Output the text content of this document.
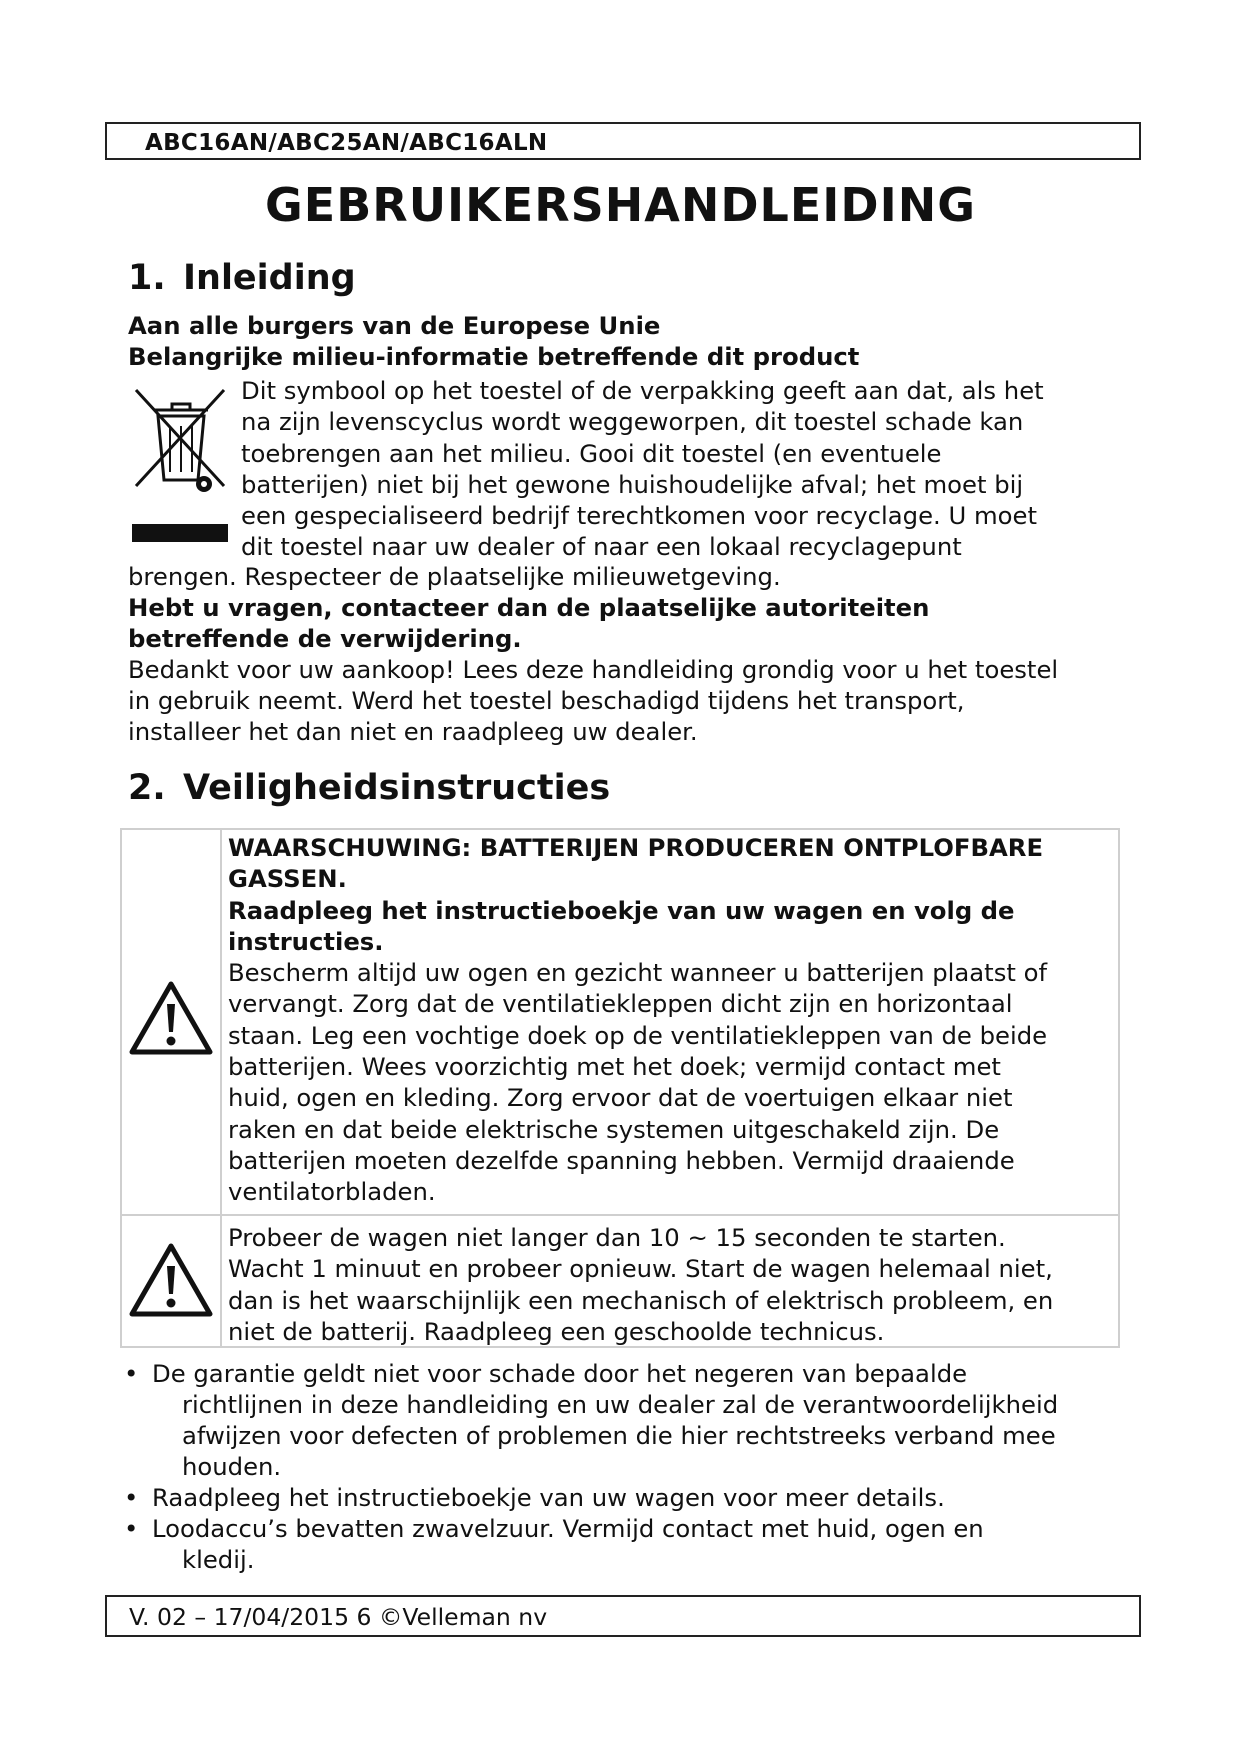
ABC16AN/ABC25AN/ABC16ALN
GEBRUIKERSHANDLEIDING
1. Inleiding

Aan alle burgers van de Europese Unie

Belangrijke milieu-informatie betreffende dit product

Dit symbool op het toestel of de verpakking geeft aan dat, als het
na zijn levenscyclus wordt weggeworpen, dit toestel schade kan
toebrengen aan het milieu. Gooi dit toestel (en eventuele
batterijen) niet bij het gewone huishoudelijke afval; het moet bij
een gespecialiseerd bedrijf terechtkomen voor recyclage. U moet
dit toestel naar uw dealer of naar een lokaal recyclagepunt

brengen. Respecteer de plaatselijke milieuwetgeving.

Hebt u vragen, contacteer dan de plaatselijke autoriteiten

betreffende de verwijdering.

Bedankt voor uw aankoop! Lees deze handleiding grondig voor u het toestel

in gebruik neemt. Werd het toestel beschadigd tijdens het transport,

installeer het dan niet en raadpleeg uw dealer.

2. Veiligheidsinstructies
WAARSCHUWING: BATTERIJEN PRODUCEREN ONTPLOFBARE
GASSEN.
Raadpleeg het instructieboekje van uw wagen en volg de
instructies.
Bescherm altijd uw ogen en gezicht wanneer u batterijen plaatst of
vervangt. Zorg dat de ventilatiekleppen dicht zijn en horizontaal
staan. Leg een vochtige doek op de ventilatiekleppen van de beide
batterijen. Wees voorzichtig met het doek; vermijd contact met
huid, ogen en kleding. Zorg ervoor dat de voertuigen elkaar niet
raken en dat beide elektrische systemen uitgeschakeld zijn. De
batterijen moeten dezelfde spanning hebben. Vermijd draaiende
ventilatorbladen.
Probeer de wagen niet langer dan 10 ~ 15 seconden te starten.
Wacht 1 minuut en probeer opnieuw. Start de wagen helemaal niet,
dan is het waarschijnlijk een mechanisch of elektrisch probleem, en
niet de batterij. Raadpleeg een geschoolde technicus.
• De garantie geldt niet voor schade door het negeren van bepaalde
richtlijnen in deze handleiding en uw dealer zal de verantwoordelijkheid
afwijzen voor defecten of problemen die hier rechtstreeks verband mee
houden.
• Raadpleeg het instructieboekje van uw wagen voor meer details.
• Loodaccu’s bevatten zwavelzuur. Vermijd contact met huid, ogen en
kledij.
V. 02 – 17/04/2015 6 ©Velleman nv
